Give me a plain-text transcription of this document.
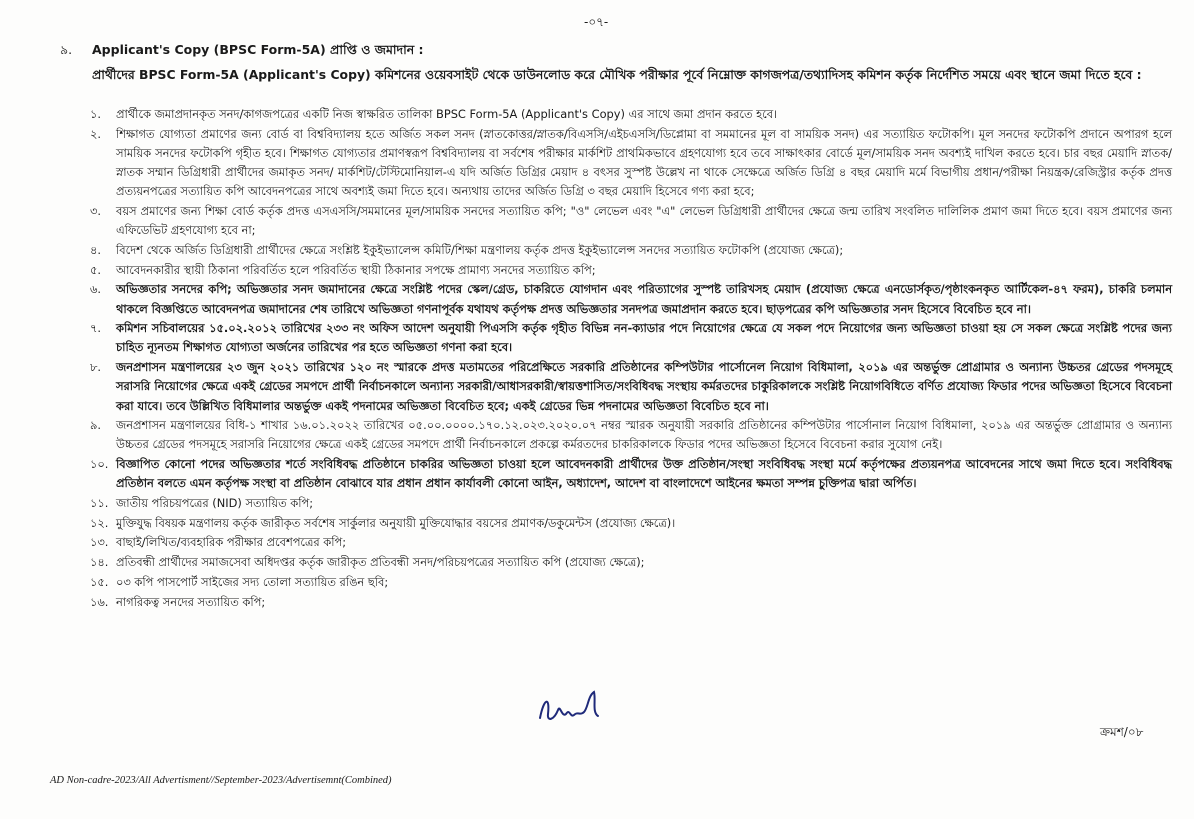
-০৭-
৯. Applicant's Copy (BPSC Form-5A) প্রাপ্তি ও জমাদান :
প্রার্থীদের BPSC Form-5A (Applicant's Copy) কমিশনের ওয়েবসাইট থেকে ডাউনলোড করে মৌখিক পরীক্ষার পূর্বে নিম্নোক্ত কাগজপত্র/তথ্যাদিসহ কমিশন কর্তৃক নির্দেশিত সময়ে এবং স্থানে জমা দিতে হবে :
১.	প্রার্থীকে জমাপ্রদানকৃত সনদ/কাগজপত্রের একটি নিজ স্বাক্ষরিত তালিকা BPSC Form-5A (Applicant's Copy) এর সাথে জমা প্রদান করতে হবে।
২.	শিক্ষাগত যোগ্যতা প্রমাণের জন্য বোর্ড বা বিশ্ববিদ্যালয় হতে অর্জিত সকল সনদ (স্নাতকোত্তর/স্নাতক/বিএসসি/এইচএসসি/ডিপ্লোমা বা সমমানের মূল বা সাময়িক সনদ) এর সত্যায়িত ফটোকপি। মূল সনদের ফটোকপি প্রদানে অপারগ হলে সাময়িক সনদের ফটোকপি গৃহীত হবে। শিক্ষাগত যোগ্যতার প্রমাণস্বরূপ বিশ্ববিদ্যালয় বা সর্বশেষ পরীক্ষার মার্কশিট প্রাথমিকভাবে গ্রহণযোগ্য হবে তবে সাক্ষাৎকার বোর্ডে মূল/সাময়িক সনদ অবশ্যই দাখিল করতে হবে। চার বছর মেয়াদি স্নাতক/স্নাতক সম্মান ডিগ্রিধারী প্রার্থীদের জমাকৃত সনদ/ মার্কশিট/টেস্টিমোনিয়াল-এ যদি অর্জিত ডিগ্রির মেয়াদ ৪ বৎসর সুস্পষ্ট উল্লেখ না থাকে সেক্ষেত্রে অর্জিত ডিগ্রি ৪ বছর মেয়াদি মর্মে বিভাগীয় প্রধান/পরীক্ষা নিয়ন্ত্রক/রেজিস্ট্রার কর্তৃক প্রদত্ত প্রত্যয়নপত্রের সত্যায়িত কপি আবেদনপত্রের সাথে অবশ্যই জমা দিতে হবে। অন্যথায় তাদের অর্জিত ডিগ্রি ৩ বছর মেয়াদি হিসেবে গণ্য করা হবে;
৩.	বয়স প্রমাণের জন্য শিক্ষা বোর্ড কর্তৃক প্রদত্ত এসএসসি/সমমানের মূল/সাময়িক সনদের সত্যায়িত কপি; "ও" লেভেল এবং "এ" লেভেল ডিগ্রিধারী প্রার্থীদের ক্ষেত্রে জন্ম তারিখ সংবলিত দালিলিক প্রমাণ জমা দিতে হবে। বয়স প্রমাণের জন্য এফিডেভিট গ্রহণযোগ্য হবে না;
৪.	বিদেশ থেকে অর্জিত ডিগ্রিধারী প্রার্থীদের ক্ষেত্রে সংশ্লিষ্ট ইকুইভ্যালেন্স কমিটি/শিক্ষা মন্ত্রণালয় কর্তৃক প্রদত্ত ইকুইভ্যালেন্স সনদের সত্যায়িত ফটোকপি (প্রযোজ্য ক্ষেত্রে);
৫.	আবেদনকারীর স্থায়ী ঠিকানা পরিবর্তিত হলে পরিবর্তিত স্থায়ী ঠিকানার সপক্ষে প্রামাণ্য সনদের সত্যায়িত কপি;
৬.	অভিজ্ঞতার সনদের কপি; অভিজ্ঞতার সনদ জমাদানের ক্ষেত্রে সংশ্লিষ্ট পদের স্কেল/গ্রেড, চাকরিতে যোগদান এবং পরিত্যাগের সুস্পষ্ট তারিখসহ মেয়াদ (প্রযোজ্য ক্ষেত্রে এনডোর্সকৃত/পৃষ্ঠাংকনকৃত আর্টিকেল-৪৭ ফরম), চাকরি চলমান থাকলে বিজ্ঞপ্তিতে আবেদনপত্র জমাদানের শেষ তারিখে অভিজ্ঞতা গণনাপূর্বক যথাযথ কর্তৃপক্ষ প্রদত্ত অভিজ্ঞতার সনদপত্র জমাপ্রদান করতে হবে। ছাড়পত্রের কপি অভিজ্ঞতার সনদ হিসেবে বিবেচিত হবে না।
৭.	কমিশন সচিবালয়ের ১৫.০২.২০১২ তারিখের ২৩৩ নং অফিস আদেশ অনুযায়ী পিএসসি কর্তৃক গৃহীত বিভিন্ন নন-ক্যাডার পদে নিয়োগের ক্ষেত্রে যে সকল পদে নিয়োগের জন্য অভিজ্ঞতা চাওয়া হয় সে সকল ক্ষেত্রে সংশ্লিষ্ট পদের জন্য চাহিত ন্যূনতম শিক্ষাগত যোগ্যতা অর্জনের তারিখের পর হতে অভিজ্ঞতা গণনা করা হবে।
৮.	জনপ্রশাসন মন্ত্রণালয়ের ২৩ জুন ২০২১ তারিখের ১২০ নং স্মারকে প্রদত্ত মতামতের পরিপ্রেক্ষিতে সরকারি প্রতিষ্ঠানের কম্পিউটার পার্সোনেল নিয়োগ বিধিমালা, ২০১৯ এর অন্তর্ভুক্ত প্রোগ্রামার ও অন্যান্য উচ্চতর গ্রেডের পদসমূহে সরাসরি নিয়োগের ক্ষেত্রে একই গ্রেডের সমপদে প্রার্থী নির্বাচনকালে অন্যান্য সরকারী/আধাসরকারী/স্বায়ত্তশাসিত/সংবিধিবদ্ধ সংস্থায় কর্মরতদের চাকুরিকালকে সংশ্লিষ্ট নিয়োগবিধিতে বর্ণিত প্রযোজ্য ফিডার পদের অভিজ্ঞতা হিসেবে বিবেচনা করা যাবে। তবে উল্লিখিত বিধিমালার অন্তর্ভুক্ত একই পদনামের অভিজ্ঞতা বিবেচিত হবে; একই গ্রেডের ভিন্ন পদনামের অভিজ্ঞতা বিবেচিত হবে না।
৯.	জনপ্রশাসন মন্ত্রণালয়ের বিধি-১ শাখার ১৬.০১.২০২২ তারিখের ০৫.০০.০০০০.১৭০.১২.০২৩.২০২০.০৭ নম্বর স্মারক অনুযায়ী সরকারি প্রতিষ্ঠানের কম্পিউটার পার্সোনাল নিয়োগ বিধিমালা, ২০১৯ এর অন্তর্ভুক্ত প্রোগ্রামার ও অন্যান্য উচ্চতর গ্রেডের পদসমূহে সরাসরি নিয়োগের ক্ষেত্রে একই গ্রেডের সমপদে প্রার্থী নির্বাচনকালে প্রকল্পে কর্মরতদের চাকরিকালকে ফিডার পদের অভিজ্ঞতা হিসেবে বিবেচনা করার সুযোগ নেই।
১০. বিজ্ঞাপিত কোনো পদের অভিজ্ঞতার শর্তে সংবিধিবদ্ধ প্রতিষ্ঠানে চাকরির অভিজ্ঞতা চাওয়া হলে আবেদনকারী প্রার্থীদের উক্ত প্রতিষ্ঠান/সংস্থা সংবিধিবদ্ধ সংস্থা মর্মে কর্তৃপক্ষের প্রত্যয়নপত্র আবেদনের সাথে জমা দিতে হবে। সংবিধিবদ্ধ প্রতিষ্ঠান বলতে এমন কর্তৃপক্ষ সংস্থা বা প্রতিষ্ঠান বোঝাবে যার প্রধান প্রধান কার্যাবলী কোনো আইন, অধ্যাদেশ, আদেশ বা বাংলাদেশে আইনের ক্ষমতা সম্পন্ন চুক্তিপত্র দ্বারা অর্পিত।
১১. জাতীয় পরিচয়পত্রের (NID) সত্যায়িত কপি;
১২. মুক্তিযুদ্ধ বিষয়ক মন্ত্রণালয় কর্তৃক জারীকৃত সর্বশেষ সার্কুলার অনুযায়ী মুক্তিযোদ্ধার বয়সের প্রমাণক/ডকুমেন্টস (প্রযোজ্য ক্ষেত্রে)।
১৩. বাছাই/লিখিত/ব্যবহারিক পরীক্ষার প্রবেশপত্রের কপি;
১৪. প্রতিবন্ধী প্রার্থীদের সমাজসেবা অধিদপ্তর কর্তৃক জারীকৃত প্রতিবন্ধী সনদ/পরিচয়পত্রের সত্যায়িত কপি (প্রযোজ্য ক্ষেত্রে);
১৫. ০৩ কপি পাসপোর্ট সাইজের সদ্য তোলা সত্যায়িত রঙিন ছবি;
১৬. নাগরিকত্ব সনদের সত্যায়িত কপি;
ক্রমশ/০৮
AD Non-cadre-2023/All Advertisment//September-2023/Advertisemnt(Combined)
